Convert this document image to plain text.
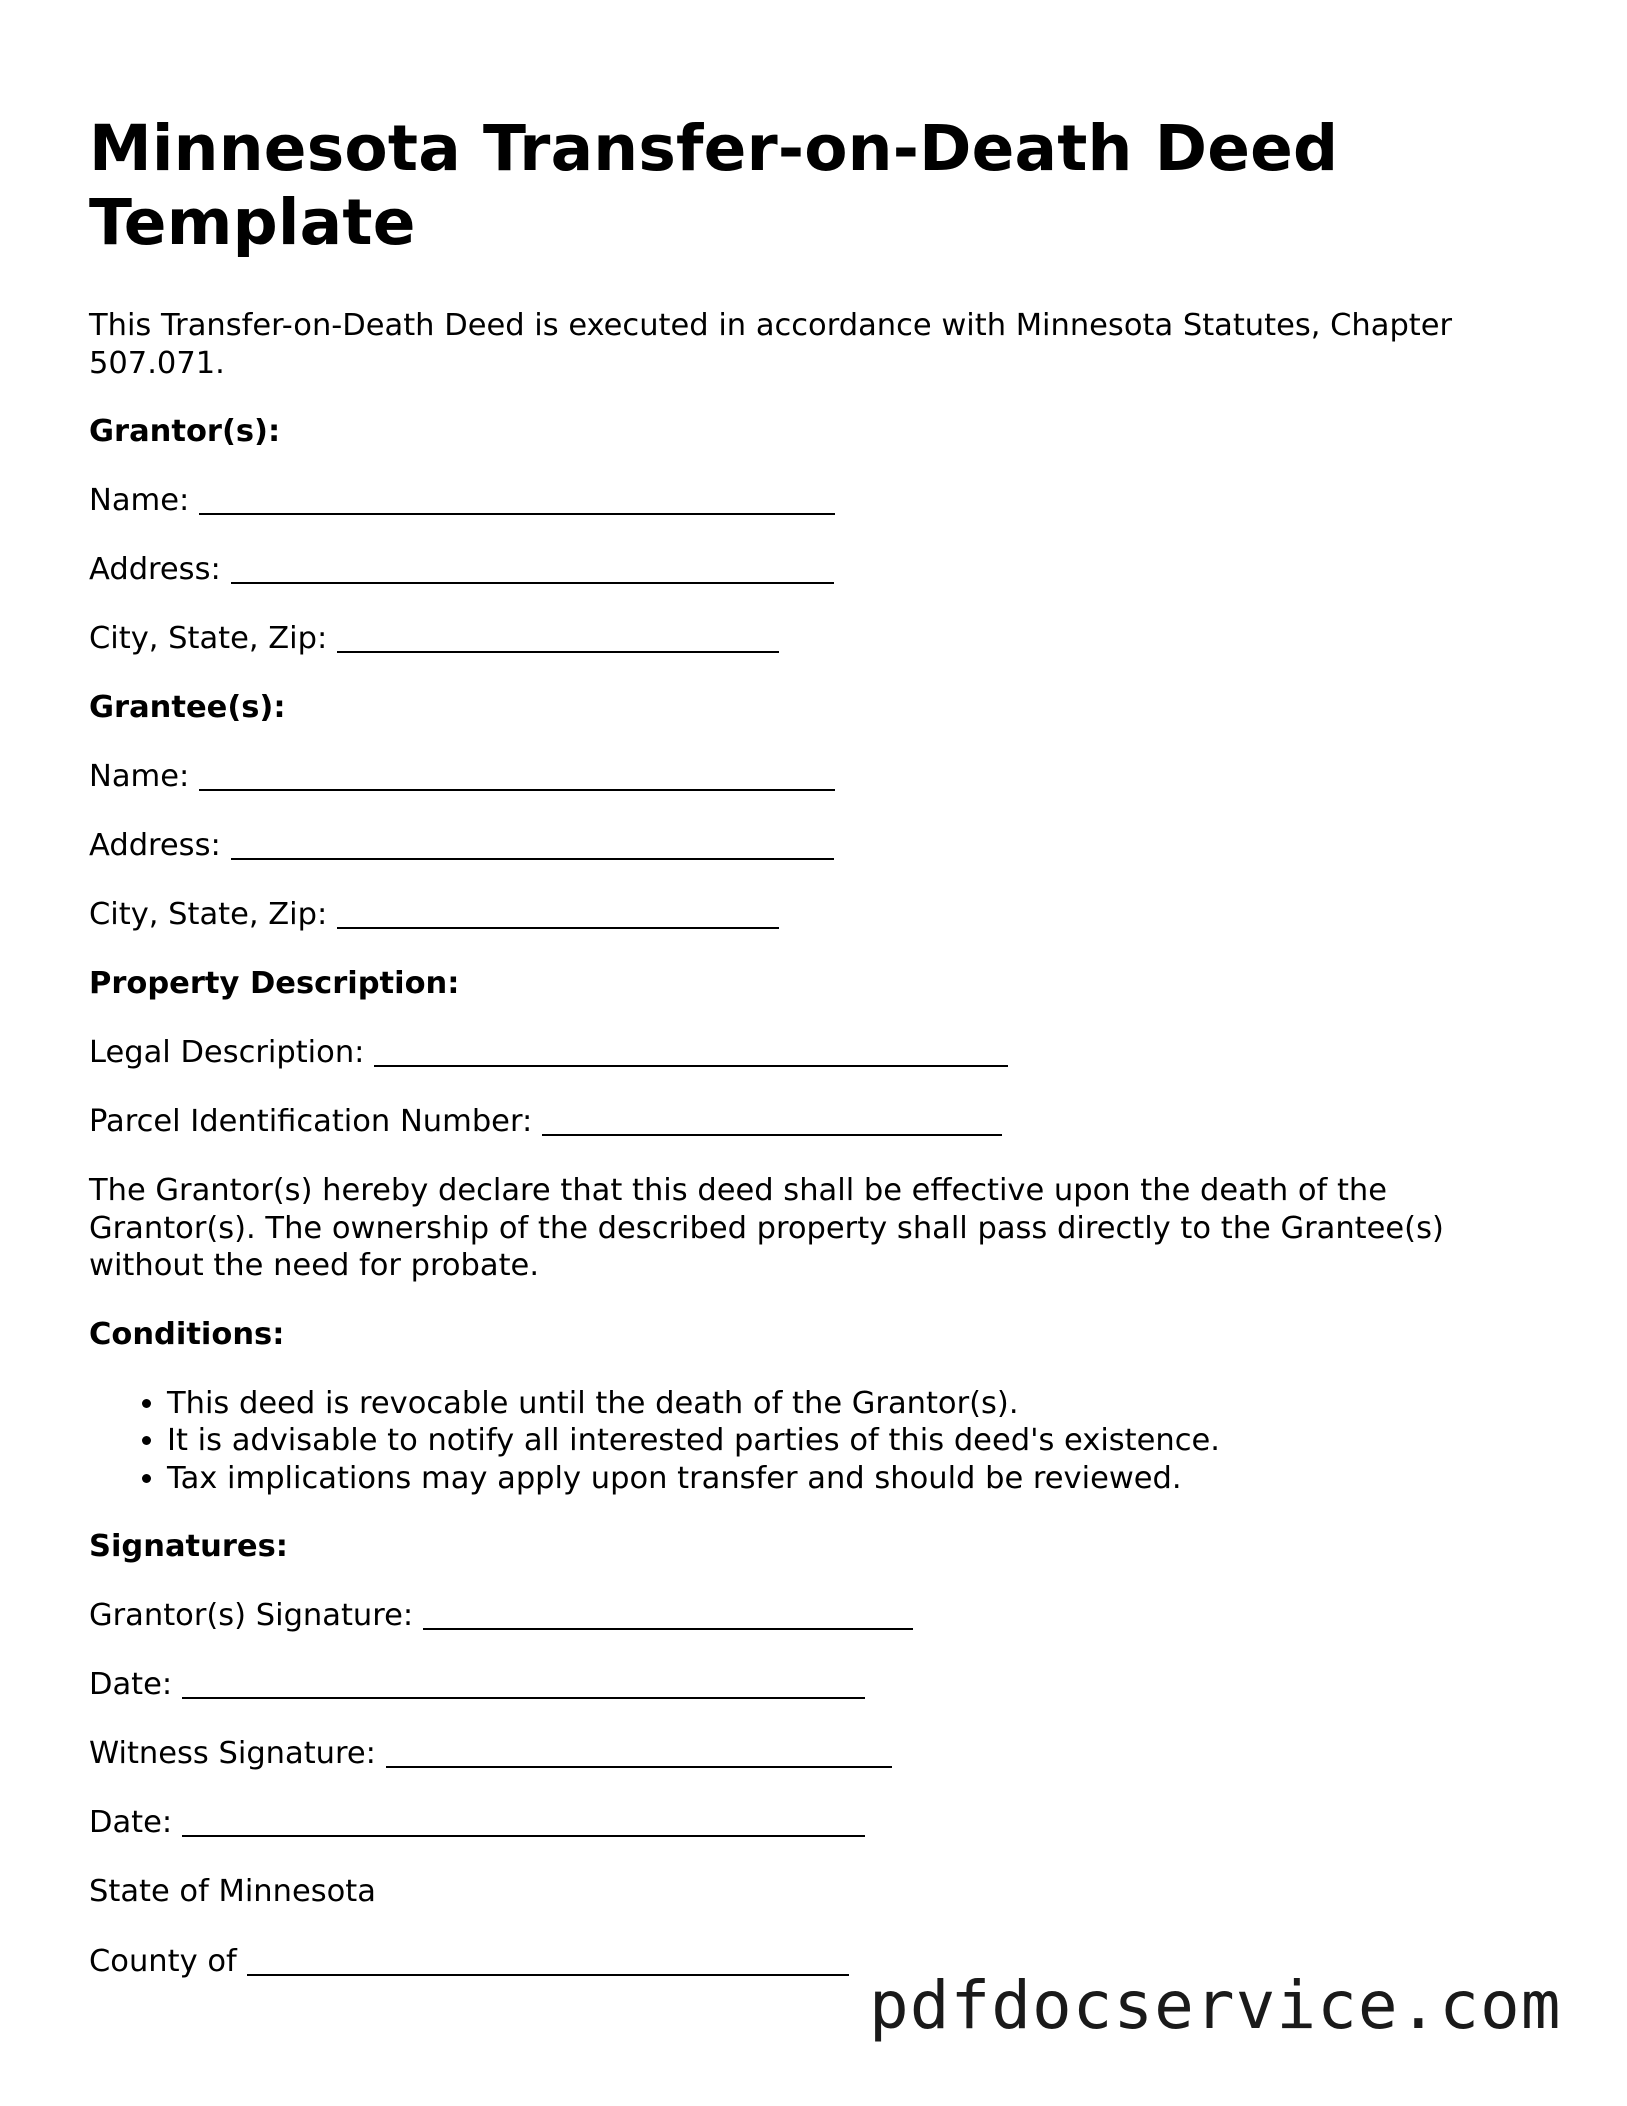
Minnesota Transfer-on-Death Deed Template

This Transfer-on-Death Deed is executed in accordance with Minnesota Statutes, Chapter 507.071.

Grantor(s):

Name:
Address:
City, State, Zip:

Grantee(s):

Name:
Address:
City, State, Zip:

Property Description:

Legal Description:
Parcel Identification Number:

The Grantor(s) hereby declare that this deed shall be effective upon the death of the Grantor(s). The ownership of the described property shall pass directly to the Grantee(s) without the need for probate.

Conditions:

• This deed is revocable until the death of the Grantor(s).
• It is advisable to notify all interested parties of this deed's existence.
• Tax implications may apply upon transfer and should be reviewed.

Signatures:

Grantor(s) Signature:
Date:
Witness Signature:
Date:

State of Minnesota

County of
pdfdocservice.com
